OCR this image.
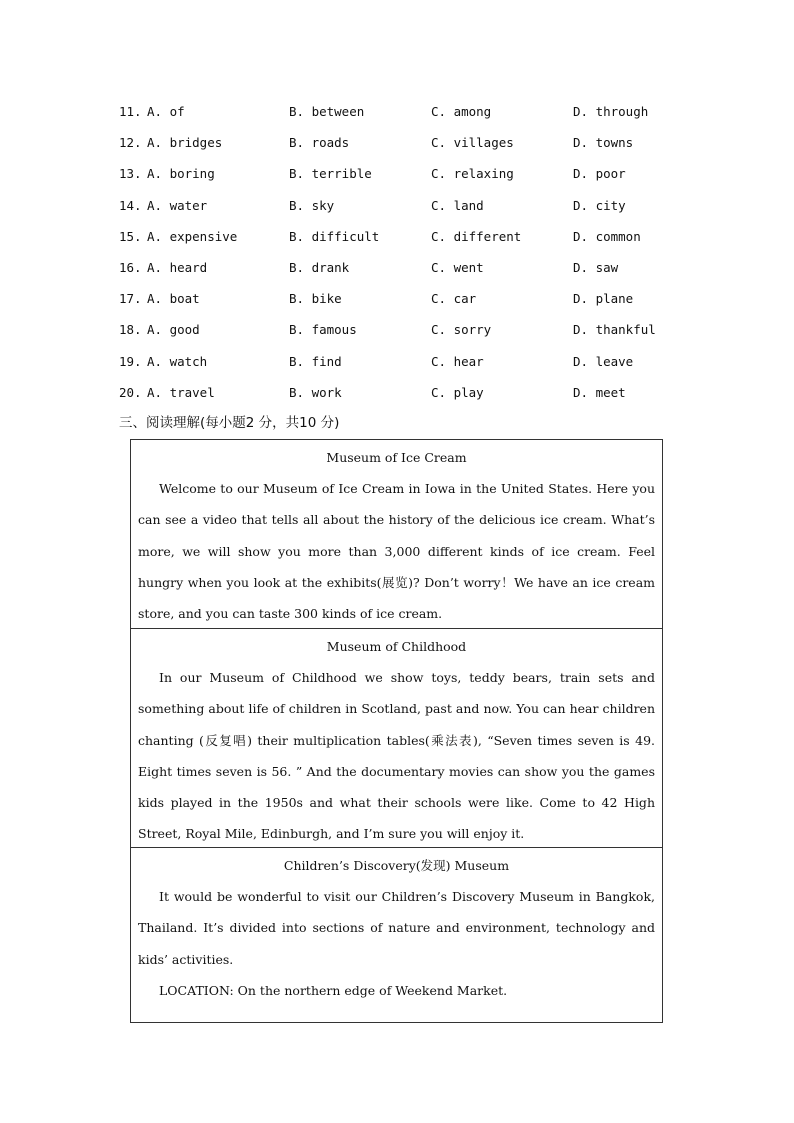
11. A. of	B. between	C. among	D. through
12. A. bridges	B. roads	C. villages	D. towns
13. A. boring	B. terrible	C. relaxing	D. poor
14. A. water	B. sky	C. land	D. city
15. A. expensive	B. difficult	C. different	D. common
16. A. heard	B. drank	C. went	D. saw
17. A. boat	B. bike	C. car	D. plane
18. A. good	B. famous	C. sorry	D. thankful
19. A. watch	B. find	C. hear	D. leave
20. A. travel	B. work	C. play	D. meet
三、阅读理解(每小题2 分，共10 分)
Museum of Ice Cream

Welcome to our Museum of Ice Cream in Iowa in the United States. Here you can see a video that tells all about the history of the delicious ice cream. What’s more, we will show you more than 3,000 different kinds of ice cream. Feel hungry when you look at the exhibits(展览)? Don’t worry！We have an ice cream store, and you can taste 300 kinds of ice cream.

Museum of Childhood

In our Museum of Childhood we show toys, teddy bears, train sets and something about life of children in Scotland, past and now. You can hear children chanting (反复唱) their multiplication tables(乘法表), “Seven times seven is 49. Eight times seven is 56. ” And the documentary movies can show you the games kids played in the 1950s and what their schools were like. Come to 42 High Street, Royal Mile, Edinburgh, and I’m sure you will enjoy it.

Children’s Discovery(发现) Museum

It would be wonderful to visit our Children’s Discovery Museum in Bangkok, Thailand. It’s divided into sections of nature and environment, technology and kids’ activities.

LOCATION: On the northern edge of Weekend Market.
